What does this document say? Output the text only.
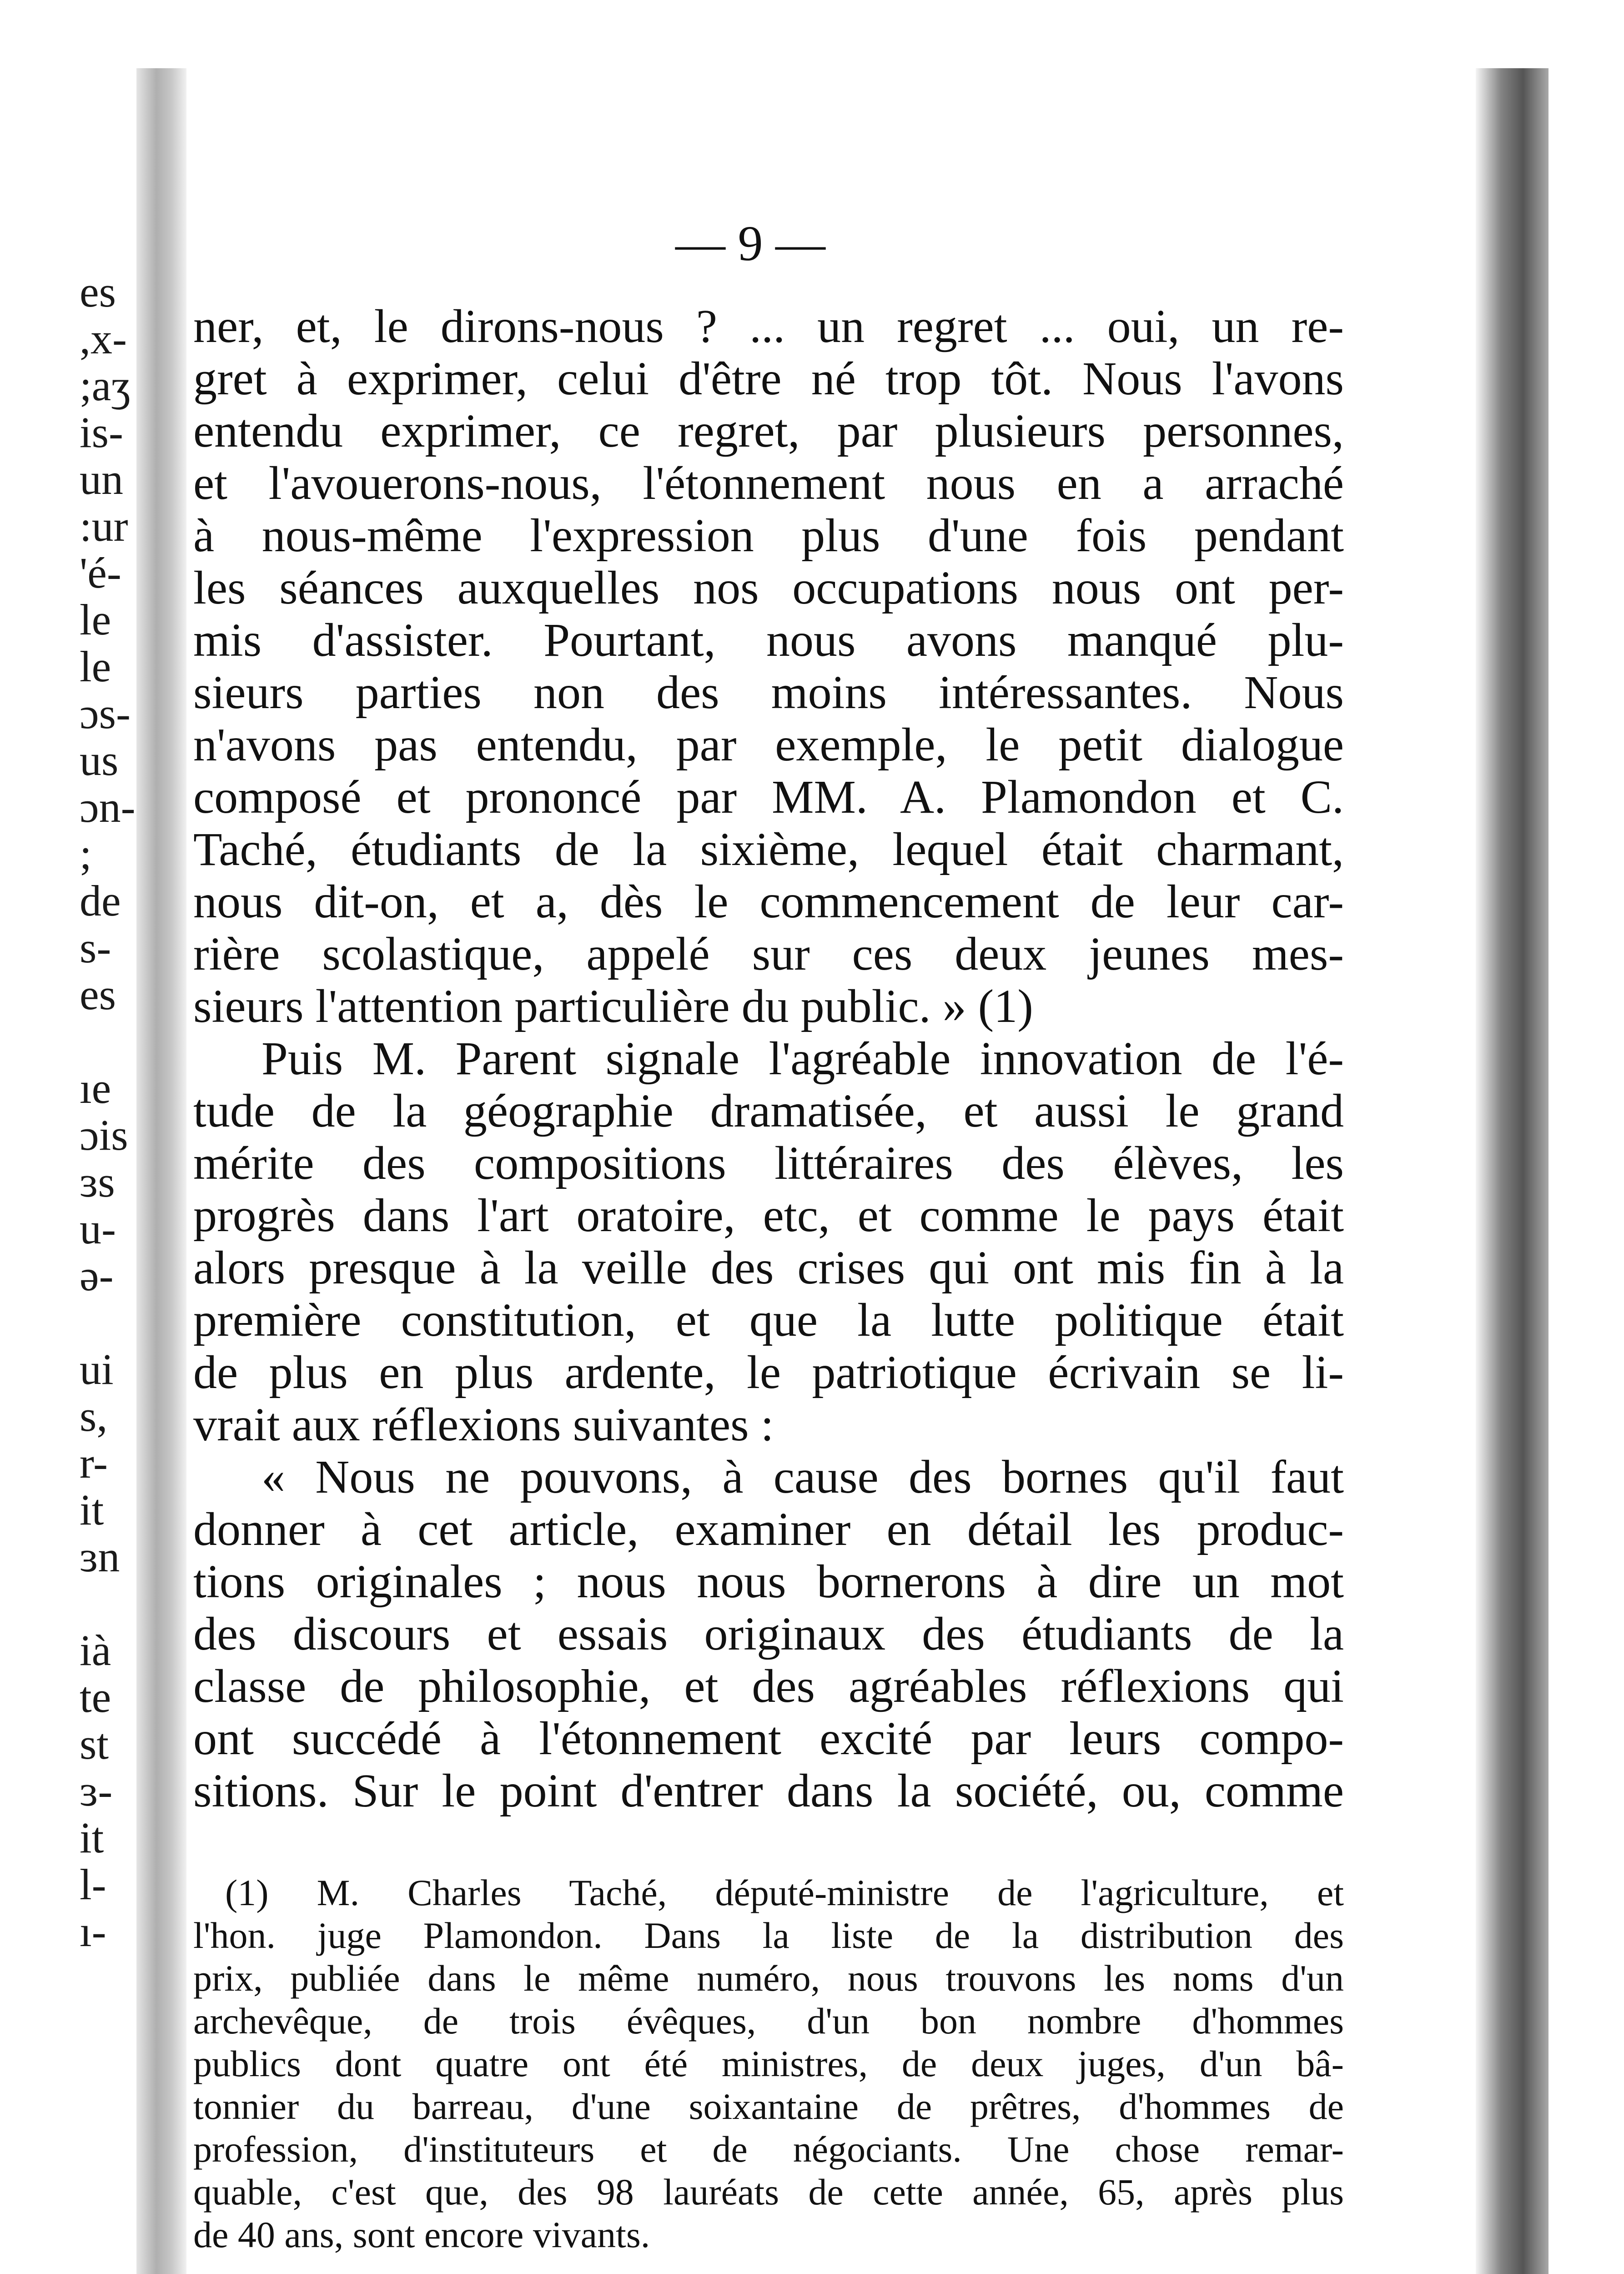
es
,x-
;aʒ
is-
un
:ur
'é-
le
le
ɔs-
us
ɔn-
;
de
s-
es
ıe
ɔis
ɜs
u-
ə-
ui
s,
r-
it
ɜn
ià
te
st
ɜ-
it
l-
ı-
— 9 —
ner, et, le dirons-nous ? ... un regret ... oui, un re-
gret à exprimer, celui d'être né trop tôt. Nous l'avons
entendu exprimer, ce regret, par plusieurs personnes,
et l'avouerons-nous, l'étonnement nous en a arraché
à nous-même l'expression plus d'une fois pendant
les séances auxquelles nos occupations nous ont per-
mis d'assister. Pourtant, nous avons manqué plu-
sieurs parties non des moins intéressantes. Nous
n'avons pas entendu, par exemple, le petit dialogue
composé et prononcé par MM. A. Plamondon et C.
Taché, étudiants de la sixième, lequel était charmant,
nous dit-on, et a, dès le commencement de leur car-
rière scolastique, appelé sur ces deux jeunes mes-
sieurs l'attention particulière du public. » (1)
Puis M. Parent signale l'agréable innovation de l'é-
tude de la géographie dramatisée, et aussi le grand
mérite des compositions littéraires des élèves, les
progrès dans l'art oratoire, etc, et comme le pays était
alors presque à la veille des crises qui ont mis fin à la
première constitution, et que la lutte politique était
de plus en plus ardente, le patriotique écrivain se li-
vrait aux réflexions suivantes :
« Nous ne pouvons, à cause des bornes qu'il faut
donner à cet article, examiner en détail les produc-
tions originales ; nous nous bornerons à dire un mot
des discours et essais originaux des étudiants de la
classe de philosophie, et des agréables réflexions qui
ont succédé à l'étonnement excité par leurs compo-
sitions. Sur le point d'entrer dans la société, ou, comme
(1) M. Charles Taché, député-ministre de l'agriculture, et
l'hon. juge Plamondon. Dans la liste de la distribution des
prix, publiée dans le même numéro, nous trouvons les noms d'un
archevêque, de trois évêques, d'un bon nombre d'hommes
publics dont quatre ont été ministres, de deux juges, d'un bâ-
tonnier du barreau, d'une soixantaine de prêtres, d'hommes de
profession, d'instituteurs et de négociants. Une chose remar-
quable, c'est que, des 98 lauréats de cette année, 65, après plus
de 40 ans, sont encore vivants.
